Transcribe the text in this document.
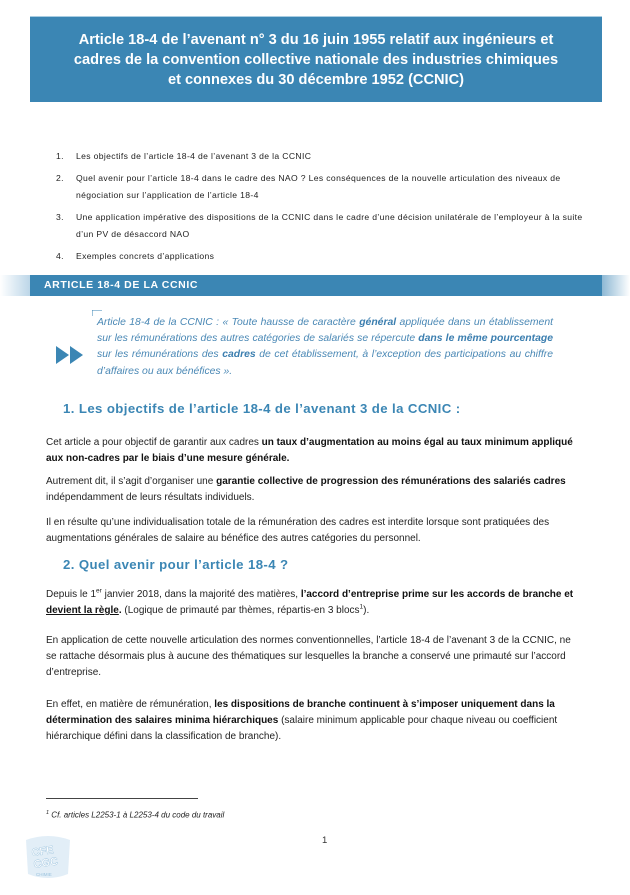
Article 18-4 de l’avenant n° 3 du 16 juin 1955 relatif aux ingénieurs et cadres de la convention collective nationale des industries chimiques et connexes du 30 décembre 1952 (CCNIC)
1.	Les objectifs de l’article 18-4 de l’avenant 3 de la CCNIC
2.	Quel avenir pour l’article 18-4 dans le cadre des NAO ? Les conséquences de la nouvelle articulation des niveaux de négociation sur l’application de l’article 18-4
3.	Une application impérative des dispositions de la CCNIC dans le cadre d’une décision unilatérale de l’employeur à la suite d’un PV de désaccord NAO
4.	Exemples concrets d’applications
ARTICLE 18-4 DE LA CCNIC
Article 18-4 de la CCNIC : « Toute hausse de caractère général appliquée dans un établissement sur les rémunérations des autres catégories de salariés se répercute dans le même pourcentage sur les rémunérations des cadres de cet établissement, à l’exception des participations au chiffre d’affaires ou aux bénéfices ».
1. Les objectifs de l’article 18-4 de l’avenant 3 de la CCNIC :
Cet article a pour objectif de garantir aux cadres un taux d’augmentation au moins égal au taux minimum appliqué aux non-cadres par le biais d’une mesure générale.
Autrement dit, il s’agit d’organiser une garantie collective de progression des rémunérations des salariés cadres indépendamment de leurs résultats individuels.
Il en résulte qu’une individualisation totale de la rémunération des cadres est interdite lorsque sont pratiquées des augmentations générales de salaire au bénéfice des autres catégories du personnel.
2. Quel avenir pour l’article 18-4 ?
Depuis le 1er janvier 2018, dans la majorité des matières, l’accord d’entreprise prime sur les accords de branche et devient la règle. (Logique de primauté par thèmes, répartis-en 3 blocs$^1$).
En application de cette nouvelle articulation des normes conventionnelles, l’article 18-4 de l’avenant 3 de la CCNIC, ne se rattache désormais plus à aucune des thématiques sur lesquelles la branche a conservé une primauté sur l’accord d’entreprise.
En effet, en matière de rémunération, les dispositions de branche continuent à s’imposer uniquement dans la détermination des salaires minima hiérarchiques (salaire minimum applicable pour chaque niveau ou coefficient hiérarchique défini dans la classification de branche).
$^1$ Cf. articles L2253-1 à L2253-4 du code du travail
CFE
CGC
CHIMIE
1
